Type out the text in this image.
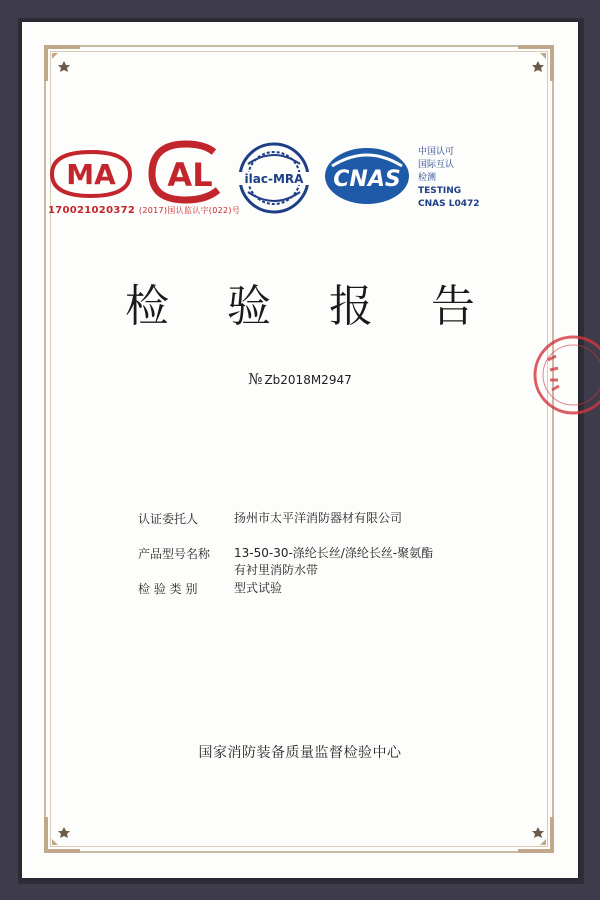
MA AL	ilac-MRA CNAS
170021020372 (2017)国认监认字(022)号
中国认可
国际互认
检测
TESTING
CNAS L0472
检 验 报 告
№ Zb2018M2947
认证委托人	扬州市太平洋消防器材有限公司
产品型号名称	13-50-30-涤纶长丝/涤纶长丝-聚氨酯
有衬里消防水带
检 验 类 别	型式试验
国家消防装备质量监督检验中心
